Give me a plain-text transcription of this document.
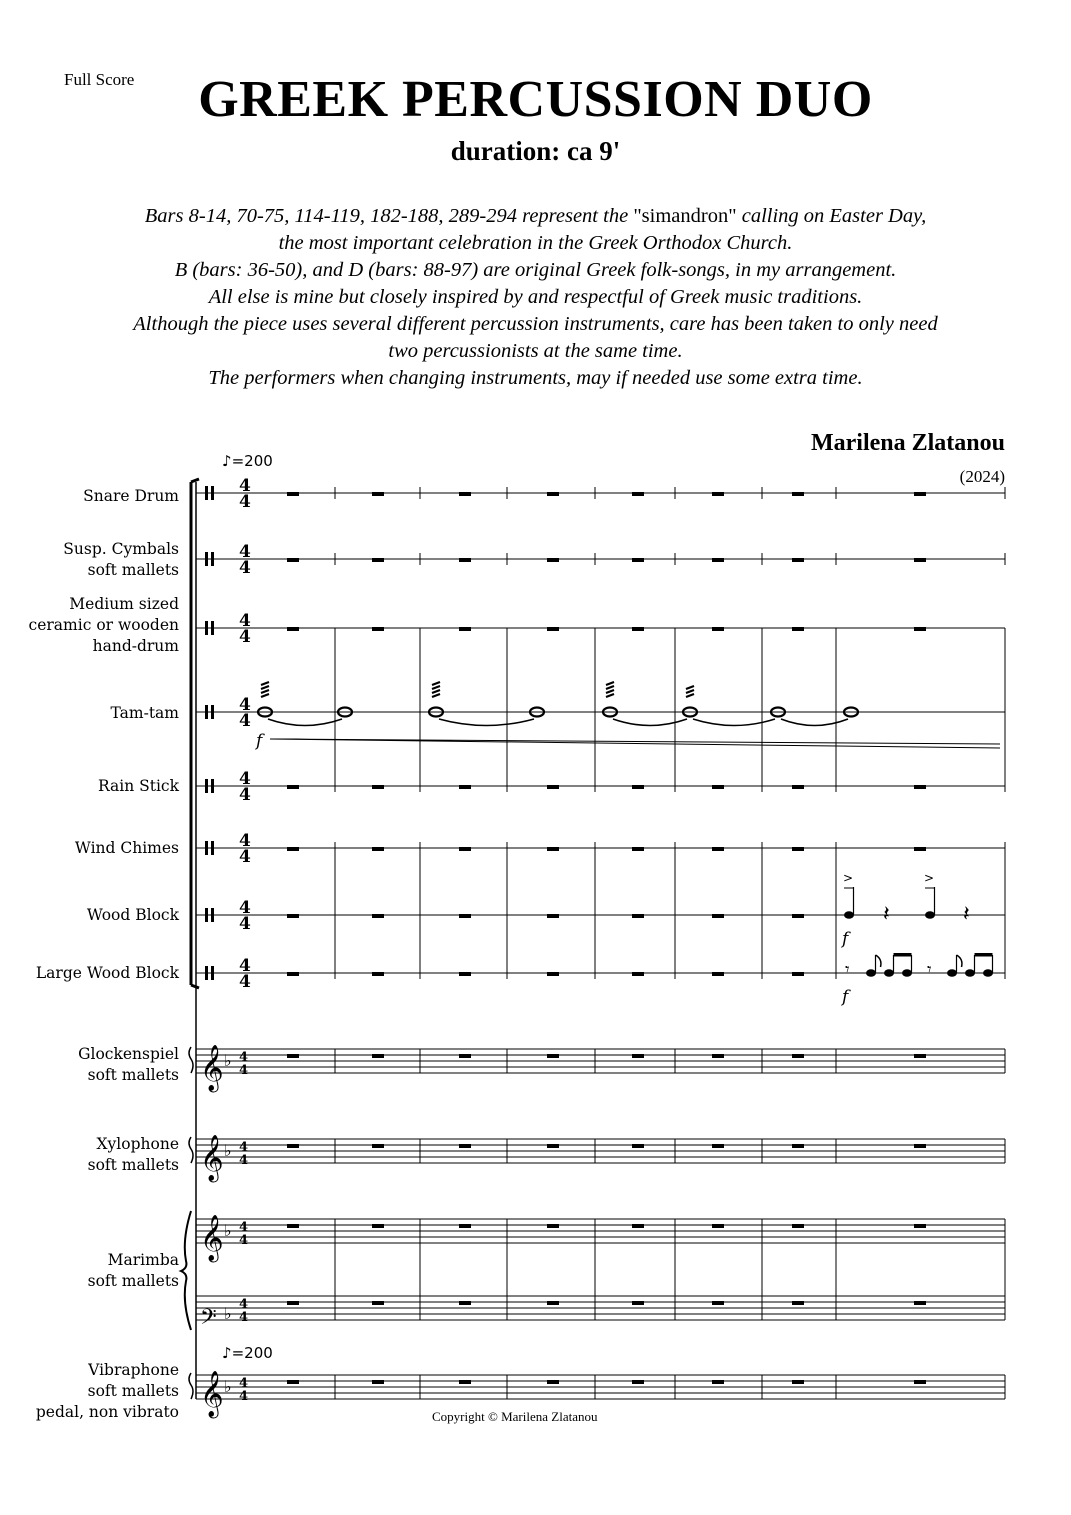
Full Score	GREEK PERCUSSION DUO
duration: ca 9'
Bars 8-14, 70-75, 114-119, 182-188, 289-294 represent the "simandron" calling on Easter Day,
the most important celebration in the Greek Orthodox Church.
B (bars: 36-50), and D (bars: 88-97) are original Greek folk-songs, in my arrangement.
All else is mine but closely inspired by and respectful of Greek music traditions.
Although the piece uses several different percussion instruments, care has been taken to only need
two percussionists at the same time.
The performers when changing instruments, may if needed use some extra time.
Marilena Zlatanou
(2024)
♪=200
♪=200
Snare Drum
Susp. Cymbals
soft mallets
Medium sized
ceramic or wooden
hand-drum
Tam-tam
Rain Stick
Wind Chimes
Wood Block
Large Wood Block
Glockenspiel
soft mallets
Xylophone
soft mallets
Marimba
soft mallets
Vibraphone
soft mallets
pedal, non vibrato
4
4
4
4
4
4
4
4
4
4
4
4
4
4
4
4
𝄞 ♭ 4
4
𝄞 ♭ 4
4
𝄞 ♭ 4
4
𝄢 ♭ 4
4
𝄞 ♭ 4
4
f
>
𝄽
>
𝄽
f
𝄾	𝄾
f
Copyright © Marilena Zlatanou
